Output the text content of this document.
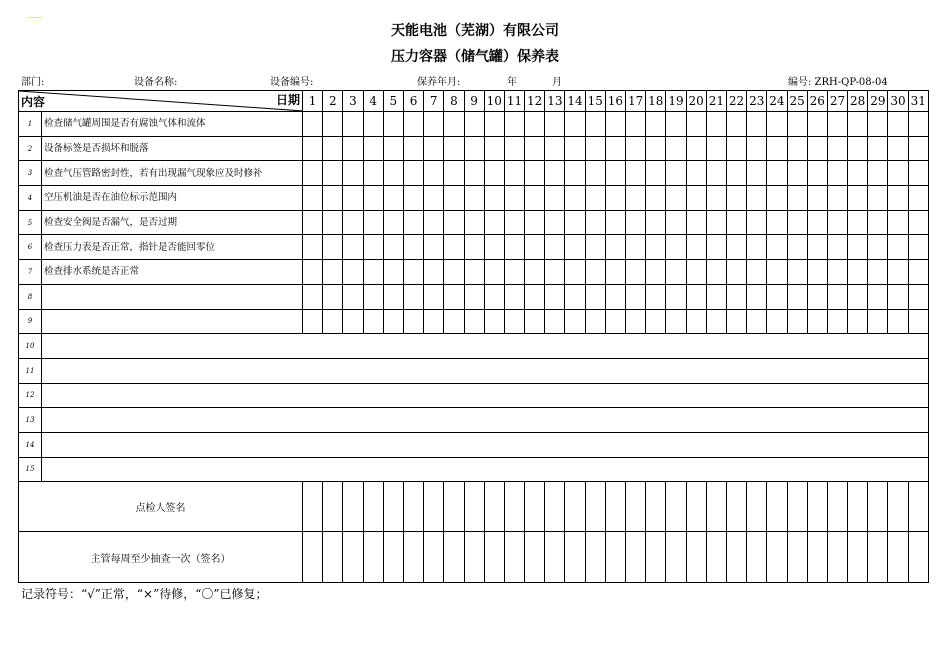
天能电池（芜湖）有限公司
压力容器（储气罐）保养表
部门:	设备名称:	设备编号:	保养年月:	年	月	编号: ZRH-QP-08-04
内容 日期		1	2	3	4	5	6	7	8	9	10	11	12	13	14	15	16	17	18	19	20	21	22	23	24	25	26	27	28	29	30	31
1	检查储气罐周围是否有腐蚀气体和流体																															
2	设备标签是否损坏和脱落																															
3	检查气压管路密封性，若有出现漏气现象应及时修补																															
4	空压机油是否在油位标示范围内																															
5	检查安全阀是否漏气，是否过期																															
6	检查压力表是否正常，指针是否能回零位																															
7	检查排水系统是否正常																															
8																																
9																																
10																																
11																																
12																																
13																																
14																																
15																																
点检人签名																																
主管每周至少抽查一次（签名）																																
记录符号：“√”正常，“×”待修，“〇”已修复；
